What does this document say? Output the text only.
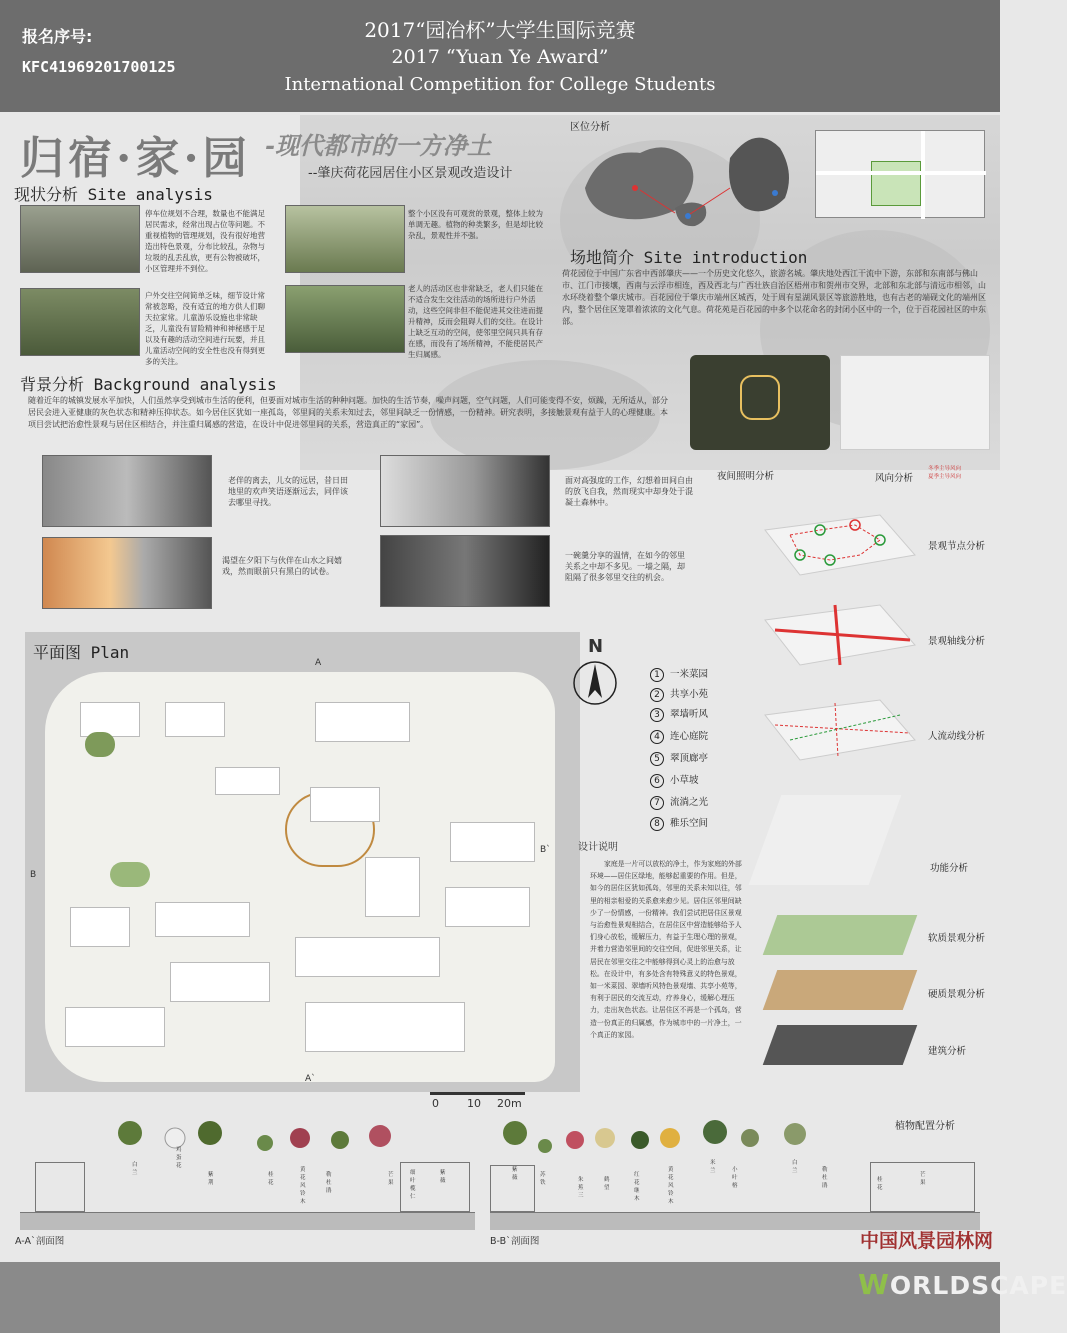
报名序号:
KFC41969201700125
2017“园冶杯”大学生国际竞赛
2017 “Yuan Ye Award”
International Competition for College Students
归宿·家·园 -现代都市的一方净土
--肇庆荷花园居住小区景观改造设计
区位分析
现状分析 Site analysis
停车位规划不合理，数量也不能满足居民需求，经常出现占位等问题。不重视植物的管理规划，没有很好地营造出特色景观，分布比较乱，杂物与垃圾的乱丢乱放，更有公物被破坏，小区管理并不到位。
整个小区没有可观赏的景观，整体上较为单调无趣。植物的种类繁多，但是却比较杂乱，景观性并不强。
户外交往空间简单乏味，细节设计常常被忽略，没有适宜的地方供人们聊天拉家常。儿童游乐设施也非常缺乏，儿童没有冒险精神和神秘感于足以及有趣的活动空间进行玩要，并且儿童活动空间的安全性也没有得到更多的关注。
老人的活动区也非常缺乏，老人们只能在不适合发生交往活动的场所进行户外活动，这些空间非但不能促进其交往进而提升精神，反而会阻碍人们的交往。在设计上缺乏互动的空间，使邻里空间只具有存在感，而没有了场所精神，不能使居民产生归属感。
场地简介 Site introduction
荷花园位于中国广东省中西部肇庆——一个历史文化悠久，旅游名城。肇庆地处西江干流中下游，东部和东南部与佛山市、江门市接壤，西南与云浮市相连，西及西北与广西壮族自治区梧州市和贺州市交界，北部和东北部与清远市相邻，山水环绕着整个肇庆城市。百花园位于肇庆市端州区城西，处于周有星湖风景区等旅游胜地，也有古老的端砚文化的端州区内，整个居住区笼罩着浓浓的文化气息。荷花苑是百花园的中多个以花命名的封闭小区中的一个，位于百花园社区的中东部。
背景分析 Background analysis
随着近年的城镇发展水平加快，人们虽然享受到城市生活的便利，但要面对城市生活的种种问题。加快的生活节奏，噪声问题，空气问题，人们可能变得不安，烦躁，无所适从，部分居民会进入亚健康的灰色状态和精神压抑状态。如今居住区犹如一座孤岛，邻里间的关系未知过去，邻里间缺乏一份情感，一份精神。研究表明，多接触景观有益于人的心理健康。本项目尝试把治愈性景观与居住区相结合，并注重归属感的营造，在设计中促进邻里间的关系，营造真正的“家园”。
老伴的离去，儿女的远居，昔日田地里的欢声笑语逐渐远去，同伴该去哪里寻找。
面对高强度的工作，幻想着田间自由的放飞自我，然而现实中却身处于混凝土森林中。
渴望在夕阳下与伙伴在山水之间嬉戏，然而眼前只有黑白的试卷。
一碗羹分享的温情，在如今的邻里关系之中却不多见。一墙之隔，却阻隔了很多邻里交往的机会。
夜间照明分析	风向分析
冬季主导风向
夏季主导风向
景观节点分析
景观轴线分析
人流动线分析
功能分析
软质景观分析
硬质景观分析
建筑分析
平面图 Plan
A
A`
B
B`
N
0	10 20m
1 一米菜园
2 共享小苑
3 翠墙听风
4 连心庭院
5 翠顶廊亭
6 小草坡
7 流淌之光
8 稚乐空间
设计说明
家庭是一片可以放松的净土，作为家庭的外部环境——居住区绿地，能够起重要的作用。但是，如今的居住区犹如孤岛，邻里的关系未知以往，邻里的相亲相爱的关系愈来愈少见。居住区邻里间缺少了一份情感，一份精神。我们尝试把居住区景观与治愈性景观相结合，在居住区中营造能够给予人们身心放松，缓解压力，有益于生理心理的景观，并着力营造邻里间的交往空间，促进邻里关系，让居民在邻里交往之中能够得到心灵上的治愈与放松。在设计中，有多处含有特殊意义的特色景观，如一米菜园、翠墙听风特色景观墙、共享小苑等，有利于居民的交流互动，疗养身心，缓解心理压力，走出灰色状态。让居住区不再是一个孤岛，营造一份真正的归属感，作为城市中的一片净土，一个真正的家园。
植物配置分析
A-A`剖面图	B-B`剖面图
白兰
鸡蛋花
紫荆
桂花
黄花风铃木
勒杜鹃
芒果
细叶榄仁
紫薇
紫薇	苏铁	朱蕉三
鹤望
红花继木
黄花风铃木
米兰	小叶榕
白兰	勒杜鹃
桂花
芒果
中国风景园林网
WORLDSCAPE
